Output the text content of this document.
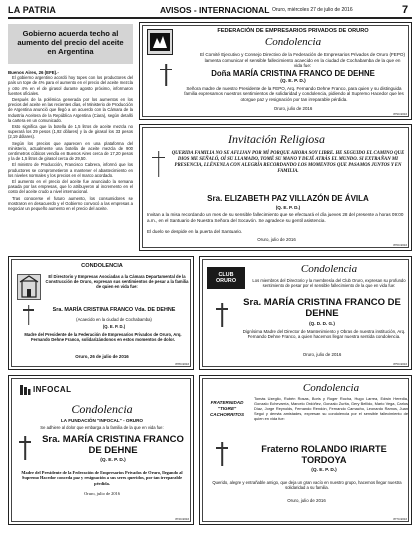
LA PATRIA	AVISOS - INTERNACIONAL Oruro, miércoles 27 de julio de 2016	7
Gobierno acuerda techo al aumento del precio del aceite en Argentina

Buenos Aires, 26 (EFE).-

El gobierno argentino acordó hoy topes con los productores del país un tope de 4% para el aumento en el precio del aceite mezcla y otro 4% en el de girasol durante agosto próximo, informaron fuentes oficiales.

Después de la polémica generada por los aumentos en los precios del aceite en las recientes días, el Ministerio de Producción de Argentina anunció que llegó a un acuerdo con la Cámara de la Industria Aceitera de la República Argentina (Ciara), según detalló la cartera en un comunicado.

Esto significa que la botella de 1,5 litros de aceite mezcla no superará los 29 pesos (1,92 dólares) y la de girasol los 33 pesos (2,19 dólares).

Según los precios que aparecen en una plataforma del ministerio, actualmente una botella de aceite mezcla de 900 centímetros cúbicos vendía en Buenos Aires cerca de 17,20 pesos y la de 1,5 litros de girasol cerca de 29,50.

El ministro de Producción, Francisco Cabrera, informó que los productores se comprometieron a mantener el abastecimiento en los niveles normales y los precios en el marco acordado.

El aumento en el precio del aceite fue anunciado la semana pasada por las empresas, que lo atribuyeron al incremento en el costo del aceite crudo a nivel internacional.

Tras conocerse el futuro aumento, los consumidores se mostraron en desacuerdo y el Gobierno convocó a las empresas a negociar un pequeño aumento en el precio del aceite.

FEDERACIÓN DE EMPRESARIOS PRIVADOS DE ORURO
Condolencia
El Comité Ejecutivo y Consejo Directivo de la Federación de Empresarios Privados de Oruro (FEPO) lamenta comunicar el sensible fallecimiento acaecido en la ciudad de Cochabamba de la que en vida fue:
Doña MARÍA CRISTINA FRANCO DE DEHNE
(Q. E. P. D.)
Señora madre de nuestro Presidente de la FEPO, Arq. Fernando Dehne Franco, para quien y su distinguida familia expresamos nuestros sentimientos de solidaridad y condolencia, pidiendo al Supremo Hacedor que les otorgue paz y resignación por tan irreparable pérdida.
Oruro, julio de 2016
879C/2016
Invitación Religiosa
QUERIDA FAMILIA NO SE AFLIJAN POR MÍ PORQUE AHORA SOY LIBRE. HE SEGUIDO EL CAMINO QUE DIOS ME SEÑALÓ, OÍ SU LLAMADO, TOMÉ SU MANO Y DEJÉ ATRÁS EL MUNDO. SI EXTRAÑAN MI PRESENCIA, LLÉNENLA CON ALEGRÍA RECORDANDO LOS MOMENTOS QUE PASAMOS JUNTOS Y EN FAMILIA.
Sra. ELIZABETH PAZ VILLAZÓN DE ÁVILA
(Q. E. P. D.)
Invitan a la misa recordando un mes de su sensible fallecimiento que se efectuará el día jueves 28 del presente a horas 09:00 a.m., en el Santuario de Nuestra Señora del Socavón. Se agradece su gentil asistencia.
El duelo se despide en la puerta del Santuario.
Oruro, julio de 2016
876C/2016
CONDOLENCIA
El Directorio y Empresas Asociadas a la Cámara Departamental de la Construcción de Oruro, expresan sus sentimientos de pesar a la familia de quien en vida fue:
Sra. MARÍA CRISTINA FRANCO Vda. DE DEHNE
(Acaecido en la ciudad de Cochabamba)
(Q. E. P. D.)
Madre del Presidente de la Federación de Empresarios Privados de Oruro, Arq. Fernando Dehne Franco, solidarizándonos en estos momentos de dolor.
Oruro, 26 de julio de 2016
878C/2016
CLUB ORURO
Condolencia
Los miembros del Directorio y la membresía del Club Oruro, expresan su profundo sentimiento de pesar por el sensible fallecimiento de la que en vida fue:
Sra. MARÍA CRISTINA FRANCO DE DEHNE
(Q. D. D. G.)
Dignísima Madre del Director de Mantenimiento y Obras de nuestra institución, Arq. Fernando Dehne Franco, a quien hacemos llegar nuestra sentida condolencia.
Oruro, julio de 2016
875C/2016
INFOCAL
Condolencia
LA FUNDACIÓN "INFOCAL" - ORURO
Se adhiere al dolor que embarga a la familia de la que en vida fue:
Sra. MARÍA CRISTINA FRANCO DE DEHNE
(Q. E. P. D.)
Madre del Presidente de la Federación de Empresarios Privados de Oruro, llegando al Supremo Hacedor conceda paz y resignación a sus seres queridos, por tan irreparable pérdida.
Oruro, julio de 2016
874C/2016
FRATERNIDAD "TIGRE" CACHORRITOS
Condolencia
Tomás Uzeglio, Rubén Rosas, Boris y Roger Rocha, Hugo Larrea, Edwin Heredia, Gonzalo Echevarría, Marcelo Ordóñez, Gonzalo Zurita, Gery Bellido, Mario Vega, Carlos Díaz, Jorge Reynolds, Fernando Rendón, Fernando Camacho, Leonardo Ramos, Juan Segui y demás amistades, expresan su condolencia por el sensible fallecimiento de quien en vida fue:
Fraterno ROLANDO IRIARTE TORDOYA
(Q. E. P. D.)
Querido, alegre y entrañable amigo, que deja un gran vacío en nuestro grupo, hacemos llegar nuestra solidaridad a su familia.
Oruro, julio de 2016
877C/2016
